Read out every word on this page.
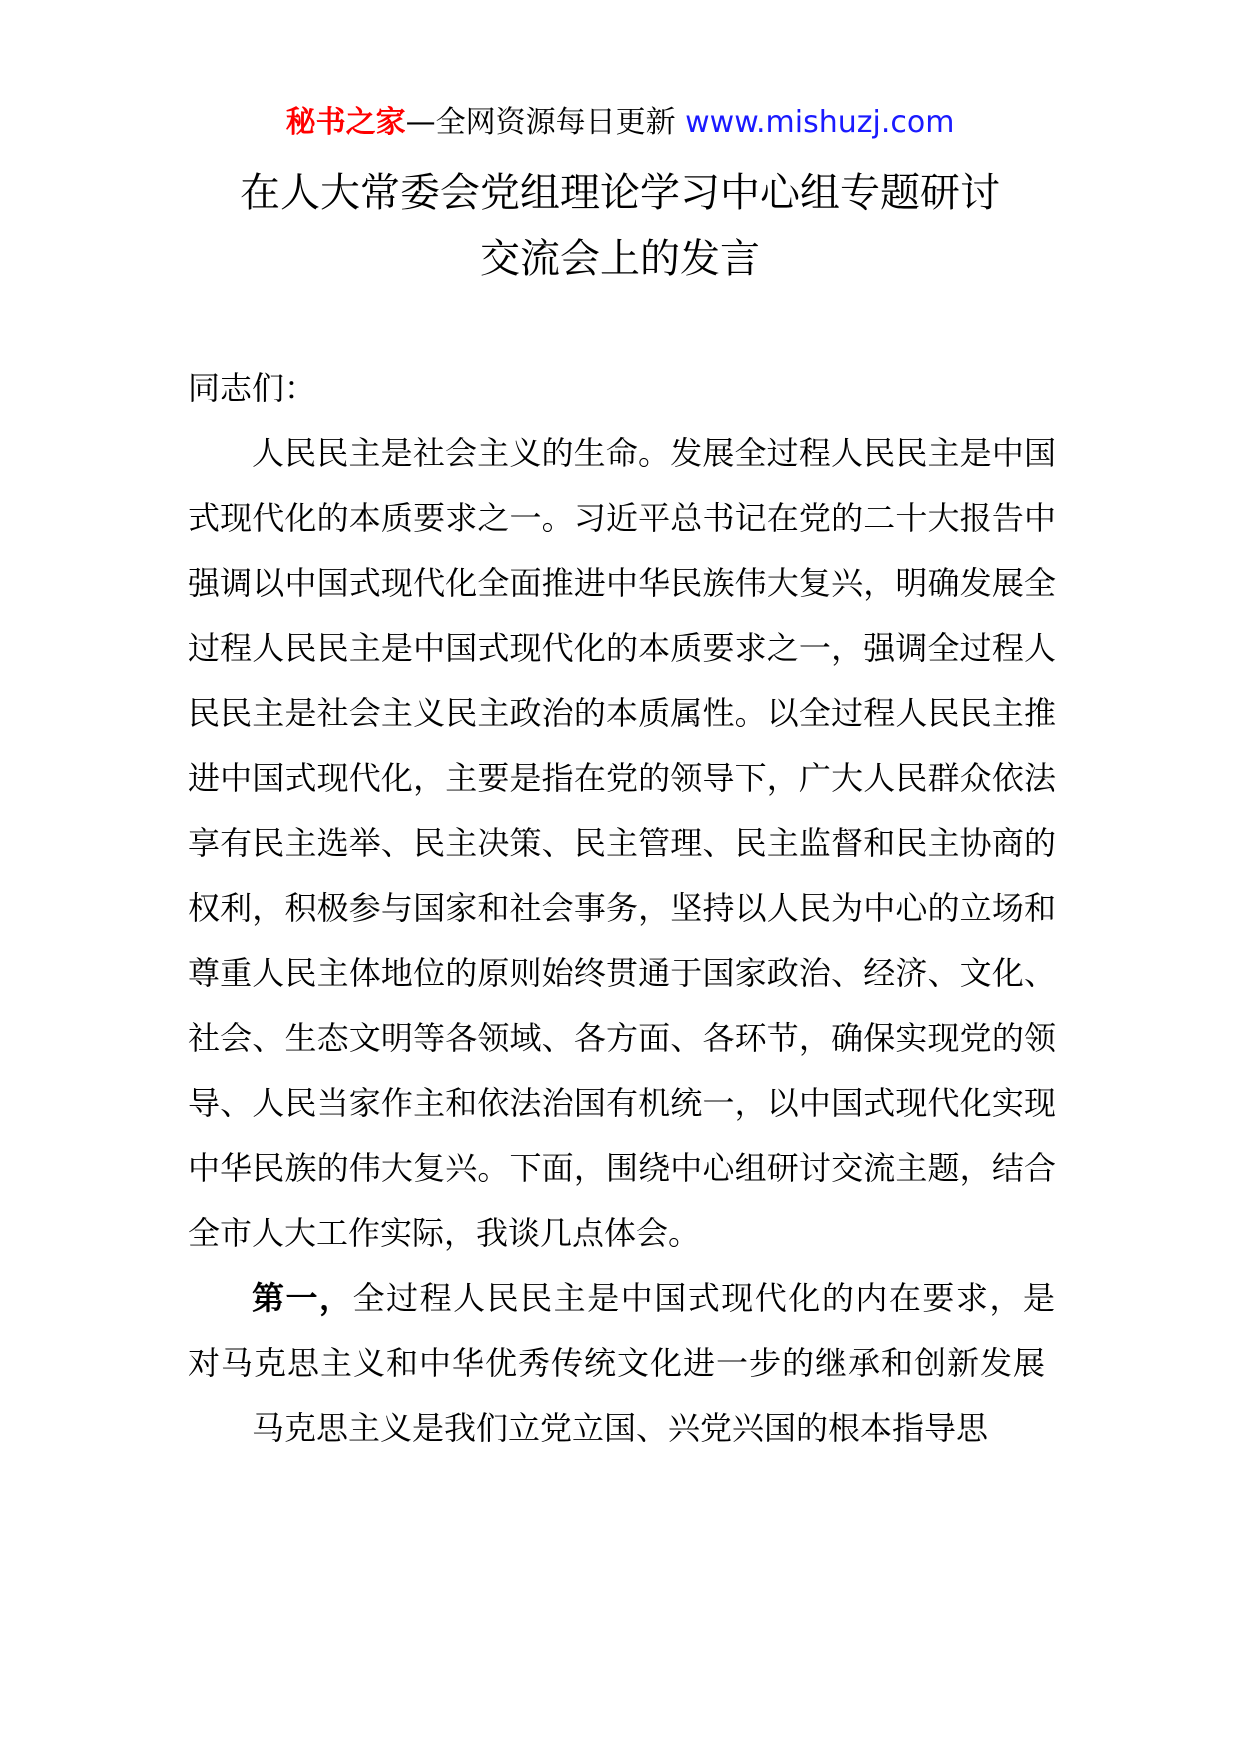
秘书之家—全网资源每日更新 www.mishuzj.com
在人大常委会党组理论学习中心组专题研讨
交流会上的发言

同志们：

人民民主是社会主义的生命。发展全过程人民民主是中国式现代化的本质要求之一。习近平总书记在党的二十大报告中强调以中国式现代化全面推进中华民族伟大复兴，明确发展全过程人民民主是中国式现代化的本质要求之一，强调全过程人民民主是社会主义民主政治的本质属性。以全过程人民民主推进中国式现代化，主要是指在党的领导下，广大人民群众依法享有民主选举、民主决策、民主管理、民主监督和民主协商的权利，积极参与国家和社会事务，坚持以人民为中心的立场和尊重人民主体地位的原则始终贯通于国家政治、经济、文化、社会、生态文明等各领域、各方面、各环节，确保实现党的领导、人民当家作主和依法治国有机统一，以中国式现代化实现中华民族的伟大复兴。下面，围绕中心组研讨交流主题，结合全市人大工作实际，我谈几点体会。

第一，全过程人民民主是中国式现代化的内在要求，是对马克思主义和中华优秀传统文化进一步的继承和创新发展

马克思主义是我们立党立国、兴党兴国的根本指导思
